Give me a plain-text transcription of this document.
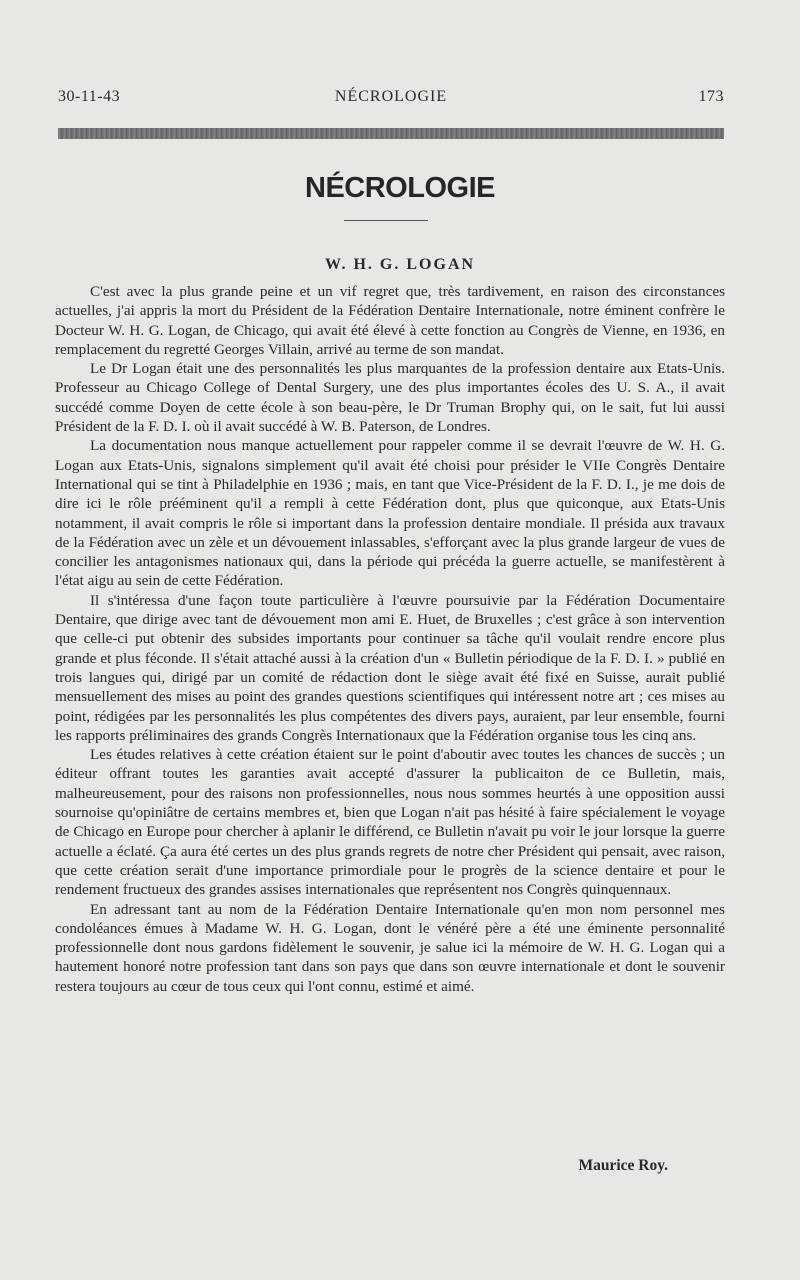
30-11-43	NÉCROLOGIE	173
NÉCROLOGIE
W. H. G. LOGAN

C'est avec la plus grande peine et un vif regret que, très tardivement, en raison des circonstances actuelles, j'ai appris la mort du Président de la Fédération Dentaire Internationale, notre éminent confrère le Docteur W. H. G. Logan, de Chicago, qui avait été élevé à cette fonction au Congrès de Vienne, en 1936, en remplacement du regretté Georges Villain, arrivé au terme de son mandat.

Le Dr Logan était une des personnalités les plus marquantes de la profession dentaire aux Etats-Unis. Professeur au Chicago College of Dental Surgery, une des plus importantes écoles des U. S. A., il avait succédé comme Doyen de cette école à son beau-père, le Dr Truman Brophy qui, on le sait, fut lui aussi Président de la F. D. I. où il avait succédé à W. B. Paterson, de Londres.

La documentation nous manque actuellement pour rappeler comme il se devrait l'œuvre de W. H. G. Logan aux Etats-Unis, signalons simplement qu'il avait été choisi pour présider le VIIe Congrès Dentaire International qui se tint à Philadelphie en 1936 ; mais, en tant que Vice-Président de la F. D. I., je me dois de dire ici le rôle prééminent qu'il a rempli à cette Fédération dont, plus que quiconque, aux Etats-Unis notamment, il avait compris le rôle si important dans la profession dentaire mondiale. Il présida aux travaux de la Fédération avec un zèle et un dévouement inlassables, s'efforçant avec la plus grande largeur de vues de concilier les antagonismes nationaux qui, dans la période qui précéda la guerre actuelle, se manifestèrent à l'état aigu au sein de cette Fédération.

Il s'intéressa d'une façon toute particulière à l'œuvre poursuivie par la Fédération Documentaire Dentaire, que dirige avec tant de dévouement mon ami E. Huet, de Bruxelles ; c'est grâce à son intervention que celle-ci put obtenir des subsides importants pour continuer sa tâche qu'il voulait rendre encore plus grande et plus féconde. Il s'était attaché aussi à la création d'un « Bulletin périodique de la F. D. I. » publié en trois langues qui, dirigé par un comité de rédaction dont le siège avait été fixé en Suisse, aurait publié mensuellement des mises au point des grandes questions scientifiques qui intéressent notre art ; ces mises au point, rédigées par les personnalités les plus compétentes des divers pays, auraient, par leur ensemble, fourni les rapports préliminaires des grands Congrès Internationaux que la Fédération organise tous les cinq ans.

Les études relatives à cette création étaient sur le point d'aboutir avec toutes les chances de succès ; un éditeur offrant toutes les garanties avait accepté d'assurer la publicaiton de ce Bulletin, mais, malheureusement, pour des raisons non professionnelles, nous nous sommes heurtés à une opposition aussi sournoise qu'opiniâtre de certains membres et, bien que Logan n'ait pas hésité à faire spécialement le voyage de Chicago en Europe pour chercher à aplanir le différend, ce Bulletin n'avait pu voir le jour lorsque la guerre actuelle a éclaté. Ça aura été certes un des plus grands regrets de notre cher Président qui pensait, avec raison, que cette création serait d'une importance primordiale pour le progrès de la science dentaire et pour le rendement fructueux des grandes assises internationales que représentent nos Congrès quinquennaux.

En adressant tant au nom de la Fédération Dentaire Internationale qu'en mon nom personnel mes condoléances émues à Madame W. H. G. Logan, dont le vénéré père a été une éminente personnalité professionnelle dont nous gardons fidèlement le souvenir, je salue ici la mémoire de W. H. G. Logan qui a hautement honoré notre profession tant dans son pays que dans son œuvre internationale et dont le souvenir restera toujours au cœur de tous ceux qui l'ont connu, estimé et aimé.

Maurice Roy.
